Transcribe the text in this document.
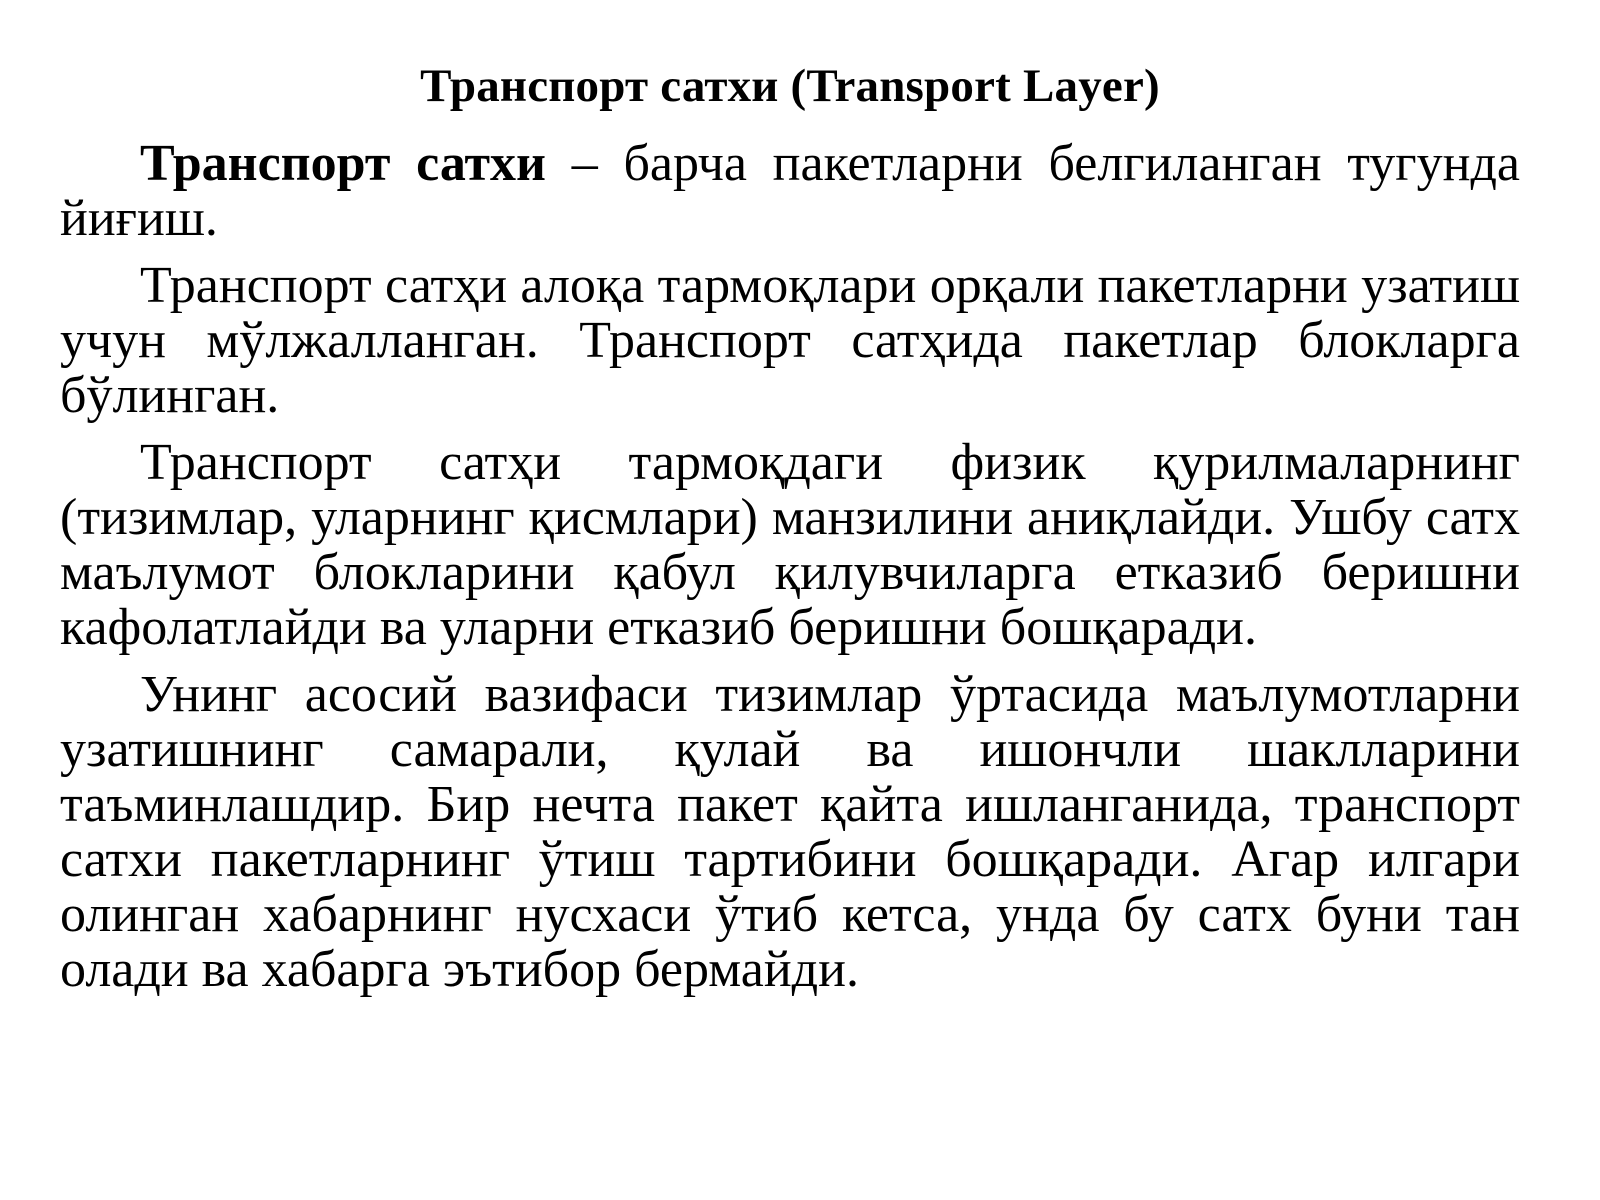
Транспорт сатхи (Transport Layer)

Транспорт сатхи – барча пакетларни белгиланган тугунда йиғиш.

Транспорт сатҳи алоқа тармоқлари орқали пакетларни узатиш учун мўлжалланган. Транспорт сатҳида пакетлар блокларга бўлинган.

Транспорт сатҳи тармоқдаги физик қурилмаларнинг (тизимлар, уларнинг қисмлари) манзилини аниқлайди. Ушбу сатх маълумот блокларини қабул қилувчиларга етказиб беришни кафолатлайди ва уларни етказиб беришни бошқаради.

Унинг асосий вазифаси тизимлар ўртасида маълумотларни узатишнинг самарали, қулай ва ишончли шаклларини таъминлашдир. Бир нечта пакет қайта ишланганида, транспорт сатхи пакетларнинг ўтиш тартибини бошқаради. Агар илгари олинган хабарнинг нусхаси ўтиб кетса, унда бу сатх буни тан олади ва хабарга эътибор бермайди.
